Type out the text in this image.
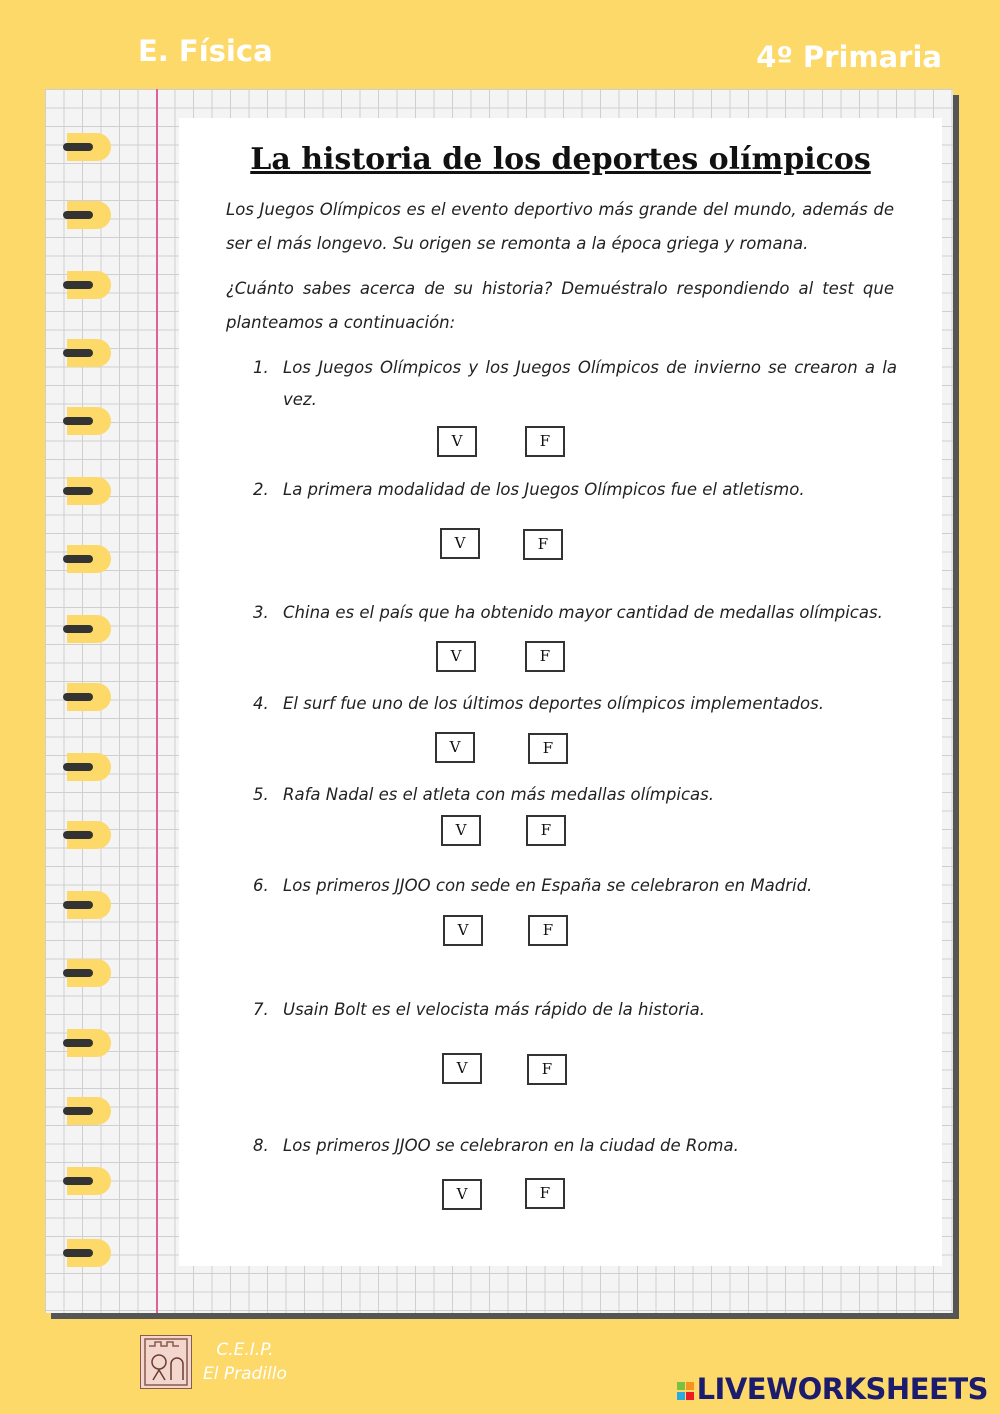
E. Física	4º Primaria
La historia de los deportes olímpicos
Los Juegos Olímpicos es el evento deportivo más grande del mundo, además de ser el más longevo. Su origen se remonta a la época griega y romana.
¿Cuánto sabes acerca de su historia? Demuéstralo respondiendo al test que planteamos a continuación:
1. Los Juegos Olímpicos y los Juegos Olímpicos de invierno se crearon a la vez.
V	F
2. La primera modalidad de los Juegos Olímpicos fue el atletismo.
V	F
3. China es el país que ha obtenido mayor cantidad de medallas olímpicas.
V	F
4. El surf fue uno de los últimos deportes olímpicos implementados.
V	F
5. Rafa Nadal es el atleta con más medallas olímpicas.
V	F
6. Los primeros JJOO con sede en España se celebraron en Madrid.
V	F
7. Usain Bolt es el velocista más rápido de la historia.
V	F
8. Los primeros JJOO se celebraron en la ciudad de Roma.
V	F
C.E.I.P.
El Pradillo	LIVEWORKSHEETS
